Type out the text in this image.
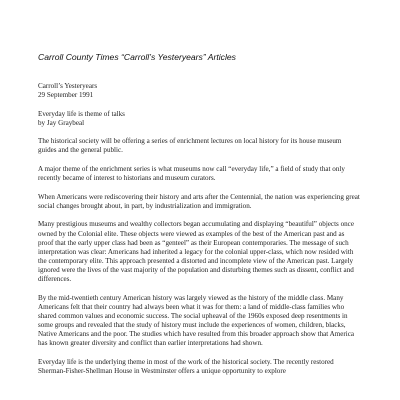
Carroll County Times “Carroll’s Yesteryears” Articles
Carroll’s Yesteryears
29 September 1991
Everyday life is theme of talks
by Jay Graybeal

The historical society will be offering a series of enrichment lectures on local history for its house museum guides and the general public.

A major theme of the enrichment series is what museums now call “everyday life,” a field of study that only recently became of interest to historians and museum curators.

When Americans were rediscovering their history and arts after the Centennial, the nation was experiencing great social changes brought about, in part, by industrialization and immigration.

Many prestigious museums and wealthy collectors began accumulating and displaying “beautiful” objects once owned by the Colonial elite. These objects were viewed as examples of the best of the American past and as proof that the early upper class had been as “genteel” as their European contemporaries. The message of such interpretation was clear: Americans had inherited a legacy for the colonial upper-class, which now resided with the contemporary elite. This approach presented a distorted and incomplete view of the American past. Largely ignored were the lives of the vast majority of the population and disturbing themes such as dissent, conflict and differences.

By the mid-twentieth century American history was largely viewed as the history of the middle class. Many Americans felt that their country had always been what it was for them: a land of middle-class families who shared common values and economic success. The social upheaval of the 1960s exposed deep resentments in some groups and revealed that the study of history must include the experiences of women, children, blacks, Native Americans and the poor. The studies which have resulted from this broader approach show that America has known greater diversity and conflict than earlier interpretations had shown.

Everyday life is the underlying theme in most of the work of the historical society. The recently restored Sherman-Fisher-Shellman House in Westminster offers a unique opportunity to explore
